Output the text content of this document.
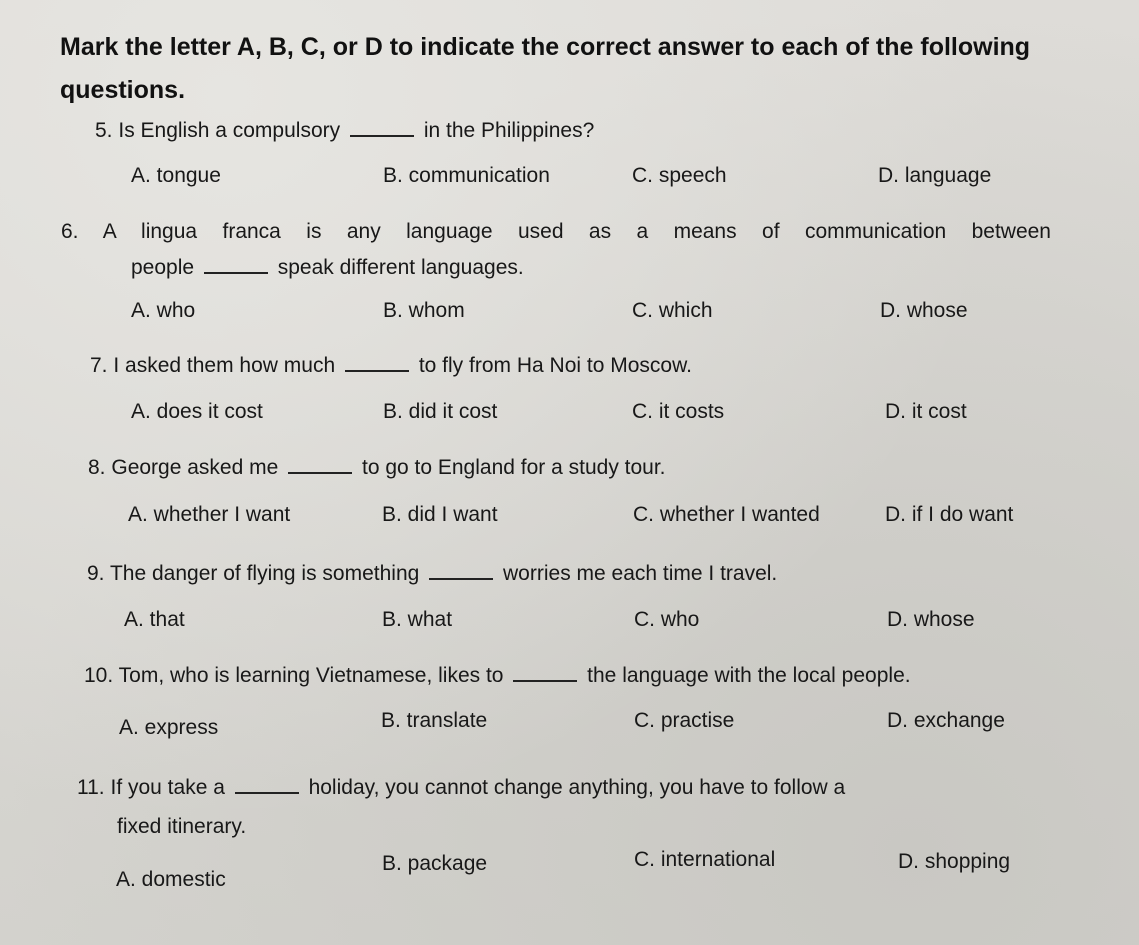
Mark the letter A, B, C, or D to indicate the correct answer to each of the following questions.
5. Is English a compulsory	in the Philippines?
A. tongue	B. communication	C. speech	D. language
6. A lingua franca is any language used as a means of communication between
people	speak different languages.
A. who	B. whom	C. which	D. whose
7. I asked them how much	to fly from Ha Noi to Moscow.
A. does it cost	B. did it cost	C. it costs	D. it cost
8. George asked me	to go to England for a study tour.
A. whether I want	B. did I want	C. whether I wanted	D. if I do want
9. The danger of flying is something	worries me each time I travel.
A. that	B. what	C. who	D. whose
10. Tom, who is learning Vietnamese, likes to	the language with the local people.
A. express	B. translate	C. practise	D. exchange
11. If you take a	holiday, you cannot change anything, you have to follow a
fixed itinerary.
A. domestic
B. package	C. international	D. shopping
